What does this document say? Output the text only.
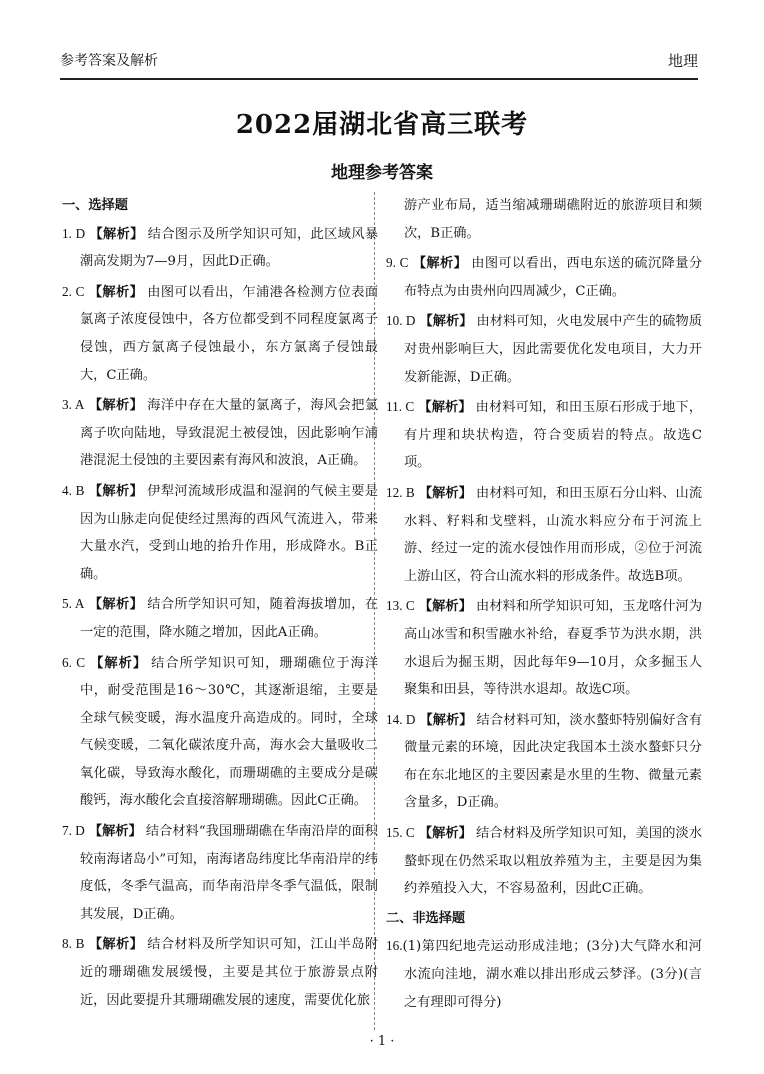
参考答案及解析	地理
2022届湖北省高三联考
地理参考答案
一、选择题
1. D 【解析】 结合图示及所学知识可知，此区域风暴潮高发期为7—9月，因此D正确。
2. C 【解析】 由图可以看出，乍浦港各检测方位表面氯离子浓度侵蚀中，各方位都受到不同程度氯离子侵蚀，西方氯离子侵蚀最小，东方氯离子侵蚀最大，C正确。
3. A 【解析】 海洋中存在大量的氯离子，海风会把氯离子吹向陆地，导致混泥土被侵蚀，因此影响乍浦港混泥土侵蚀的主要因素有海风和波浪，A正确。
4. B 【解析】 伊犁河流域形成温和湿润的气候主要是因为山脉走向促使经过黑海的西风气流进入，带来大量水汽，受到山地的抬升作用，形成降水。B正确。
5. A 【解析】 结合所学知识可知，随着海拔增加，在一定的范围，降水随之增加，因此A正确。
6. C 【解析】 结合所学知识可知，珊瑚礁位于海洋中，耐受范围是16～30℃，其逐渐退缩，主要是全球气候变暖，海水温度升高造成的。同时，全球气候变暖，二氧化碳浓度升高，海水会大量吸收二氧化碳，导致海水酸化，而珊瑚礁的主要成分是碳酸钙，海水酸化会直接溶解珊瑚礁。因此C正确。
7. D 【解析】 结合材料“我国珊瑚礁在华南沿岸的面积较南海诸岛小”可知，南海诸岛纬度比华南沿岸的纬度低，冬季气温高，而华南沿岸冬季气温低，限制其发展，D正确。
8. B 【解析】 结合材料及所学知识可知，江山半岛附近的珊瑚礁发展缓慢，主要是其位于旅游景点附近，因此要提升其珊瑚礁发展的速度，需要优化旅
游产业布局，适当缩减珊瑚礁附近的旅游项目和频次，B正确。
9. C 【解析】 由图可以看出，西电东送的硫沉降量分布特点为由贵州向四周减少，C正确。
10. D 【解析】 由材料可知，火电发展中产生的硫物质对贵州影响巨大，因此需要优化发电项目，大力开发新能源，D正确。
11. C 【解析】 由材料可知，和田玉原石形成于地下，有片理和块状构造，符合变质岩的特点。故选C项。
12. B 【解析】 由材料可知，和田玉原石分山料、山流水料、籽料和戈壁料，山流水料应分布于河流上游、经过一定的流水侵蚀作用而形成，②位于河流上游山区，符合山流水料的形成条件。故选B项。
13. C 【解析】 由材料和所学知识可知，玉龙喀什河为高山冰雪和积雪融水补给，春夏季节为洪水期，洪水退后为掘玉期，因此每年9—10月，众多掘玉人聚集和田县，等待洪水退却。故选C项。
14. D 【解析】 结合材料可知，淡水螯虾特别偏好含有微量元素的环境，因此决定我国本土淡水螯虾只分布在东北地区的主要因素是水里的生物、微量元素含量多，D正确。
15. C 【解析】 结合材料及所学知识可知，美国的淡水螯虾现在仍然采取以粗放养殖为主，主要是因为集约养殖投入大，不容易盈利，因此C正确。
二、非选择题
16.(1)第四纪地壳运动形成洼地；(3分)大气降水和河水流向洼地，湖水难以排出形成云梦泽。(3分)(言之有理即可得分)
· 1 ·
